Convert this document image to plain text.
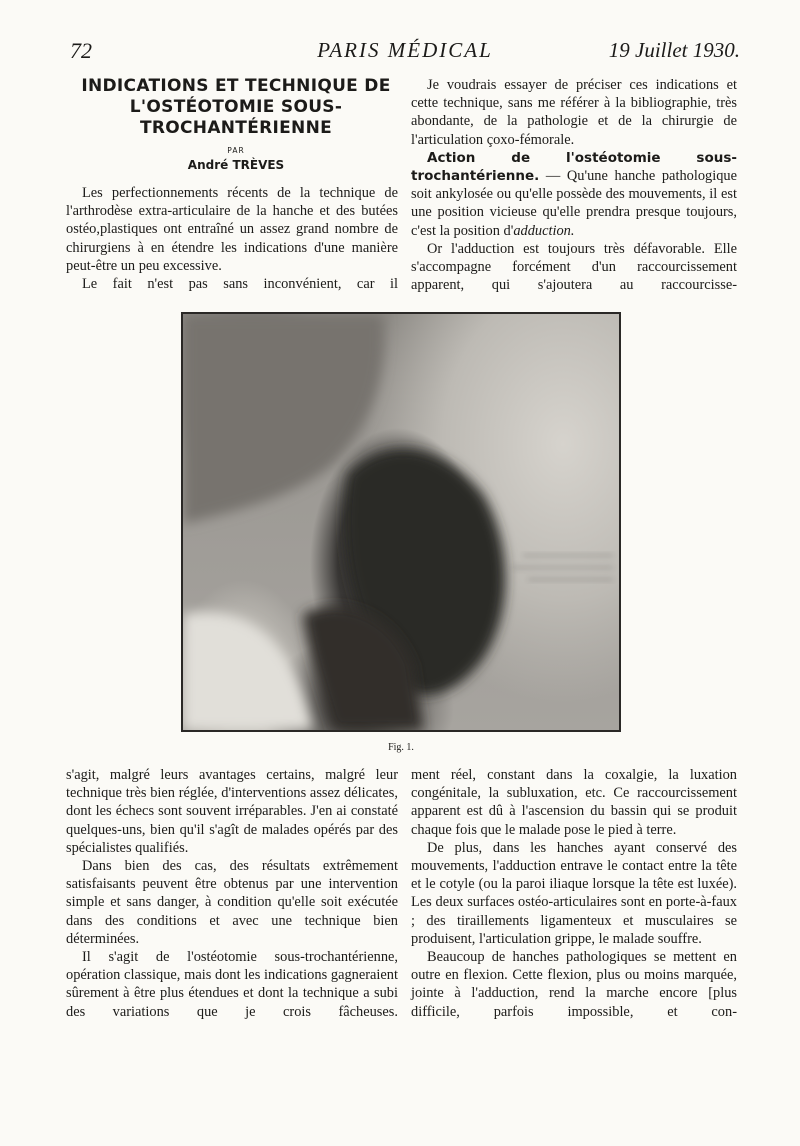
72	PARIS MÉDICAL	19 Juillet 1930.
INDICATIONS ET TECHNIQUE DE L'OSTÉOTOMIE SOUS-TROCHANTÉRIENNE
PAR
André TRÈVES

Les perfectionnements récents de la technique de l'arthrodèse extra-articulaire de la hanche et des butées ostéo,plastiques ont entraîné un assez grand nombre de chirurgiens à en étendre les indications d'une manière peut-être un peu excessive.

Le fait n'est pas sans inconvénient, car il

Je voudrais essayer de préciser ces indications et cette technique, sans me référer à la bibliographie, très abondante, de la pathologie et de la chirurgie de l'articulation çoxo-fémorale.

Action de l'ostéotomie sous-trochantérienne. — Qu'une hanche pathologique soit ankylosée ou qu'elle possède des mouvements, il est une position vicieuse qu'elle prendra presque toujours, c'est la position d'adduction.

Or l'adduction est toujours très défavorable. Elle s'accompagne forcément d'un raccourcissement apparent, qui s'ajoutera au raccourcisse-

Fig. 1.

s'agit, malgré leurs avantages certains, malgré leur technique très bien réglée, d'interventions assez délicates, dont les échecs sont souvent irréparables. J'en ai constaté quelques-uns, bien qu'il s'agît de malades opérés par des spécialistes qualifiés.

Dans bien des cas, des résultats extrêmement satisfaisants peuvent être obtenus par une intervention simple et sans danger, à condition qu'elle soit exécutée dans des conditions et avec une technique bien déterminées.

Il s'agit de l'ostéotomie sous-trochantérienne, opération classique, mais dont les indications gagneraient sûrement à être plus étendues et dont la technique a subi des variations que je crois fâcheuses.

ment réel, constant dans la coxalgie, la luxation congénitale, la subluxation, etc. Ce raccourcissement apparent est dû à l'ascension du bassin qui se produit chaque fois que le malade pose le pied à terre.

De plus, dans les hanches ayant conservé des mouvements, l'adduction entrave le contact entre la tête et le cotyle (ou la paroi iliaque lorsque la tête est luxée). Les deux surfaces ostéo-articulaires sont en porte-à-faux ; des tiraillements ligamenteux et musculaires se produisent, l'articulation grippe, le malade souffre.

Beaucoup de hanches pathologiques se mettent en outre en flexion. Cette flexion, plus ou moins marquée, jointe à l'adduction, rend la marche encore [plus difficile, parfois impossible, et con-
